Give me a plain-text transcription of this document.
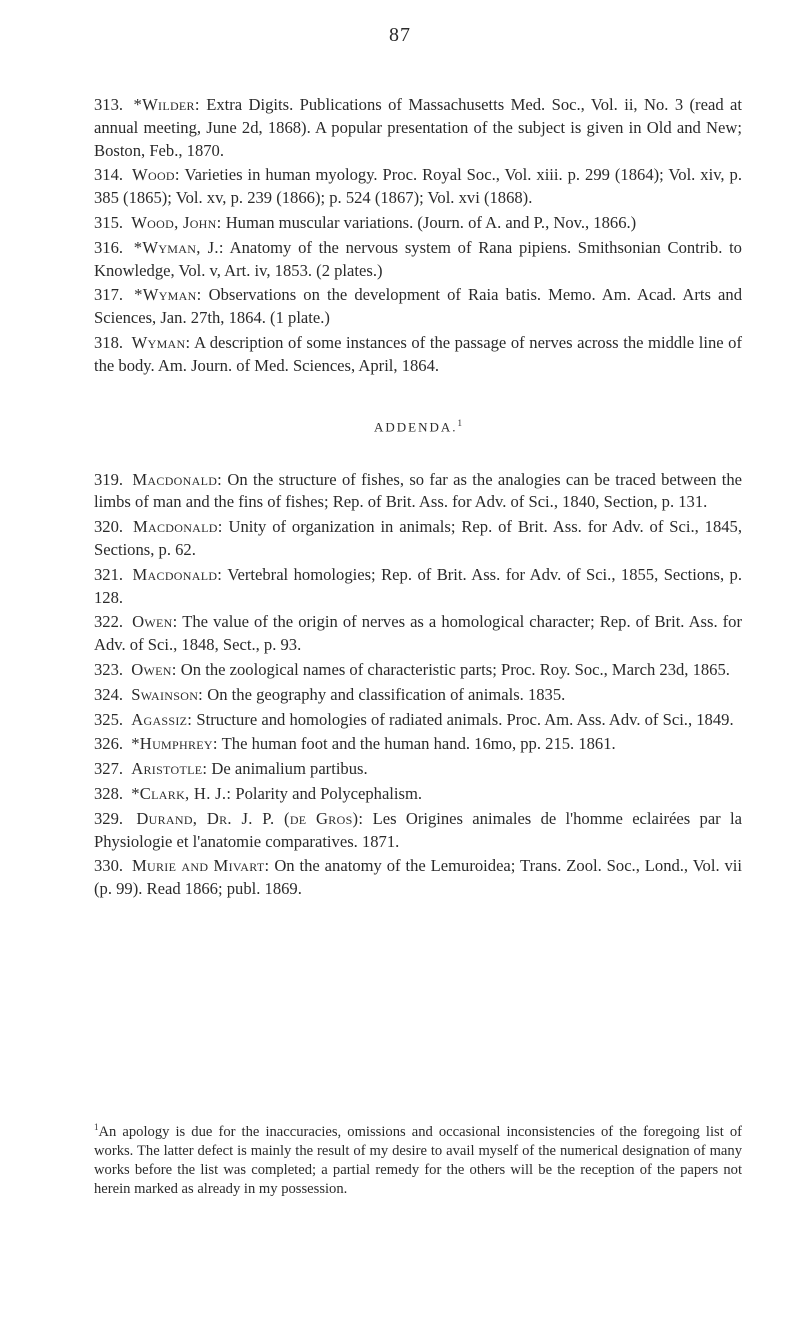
87

313. *Wilder: Extra Digits. Publications of Massachusetts Med. Soc., Vol. ii, No. 3 (read at annual meeting, June 2d, 1868). A popular presentation of the subject is given in Old and New; Boston, Feb., 1870.

314. Wood: Varieties in human myology. Proc. Royal Soc., Vol. xiii. p. 299 (1864); Vol. xiv, p. 385 (1865); Vol. xv, p. 239 (1866); p. 524 (1867); Vol. xvi (1868).

315. Wood, John: Human muscular variations. (Journ. of A. and P., Nov., 1866.)

316. *Wyman, J.: Anatomy of the nervous system of Rana pipiens. Smithsonian Contrib. to Knowledge, Vol. v, Art. iv, 1853. (2 plates.)

317. *Wyman: Observations on the development of Raia batis. Memo. Am. Acad. Arts and Sciences, Jan. 27th, 1864. (1 plate.)

318. Wyman: A description of some instances of the passage of nerves across the middle line of the body. Am. Journ. of Med. Sciences, April, 1864.

ADDENDA.$^1$

319. Macdonald: On the structure of fishes, so far as the analogies can be traced between the limbs of man and the fins of fishes; Rep. of Brit. Ass. for Adv. of Sci., 1840, Section, p. 131.

320. Macdonald: Unity of organization in animals; Rep. of Brit. Ass. for Adv. of Sci., 1845, Sections, p. 62.

321. Macdonald: Vertebral homologies; Rep. of Brit. Ass. for Adv. of Sci., 1855, Sections, p. 128.

322. Owen: The value of the origin of nerves as a homological character; Rep. of Brit. Ass. for Adv. of Sci., 1848, Sect., p. 93.

323. Owen: On the zoological names of characteristic parts; Proc. Roy. Soc., March 23d, 1865.

324. Swainson: On the geography and classification of animals. 1835.

325. Agassiz: Structure and homologies of radiated animals. Proc. Am. Ass. Adv. of Sci., 1849.

326. *Humphrey: The human foot and the human hand. 16mo, pp. 215. 1861.

327. Aristotle: De animalium partibus.

328. *Clark, H. J.: Polarity and Polycephalism.

329. Durand, Dr. J. P. (de Gros): Les Origines animales de l'homme eclairées par la Physiologie et l'anatomie comparatives. 1871.

330. Murie and Mivart: On the anatomy of the Lemuroidea; Trans. Zool. Soc., Lond., Vol. vii (p. 99). Read 1866; publ. 1869.

$^1$An apology is due for the inaccuracies, omissions and occasional inconsistencies of the foregoing list of works. The latter defect is mainly the result of my desire to avail myself of the numerical designation of many works before the list was completed; a partial remedy for the others will be the reception of the papers not herein marked as already in my possession.
